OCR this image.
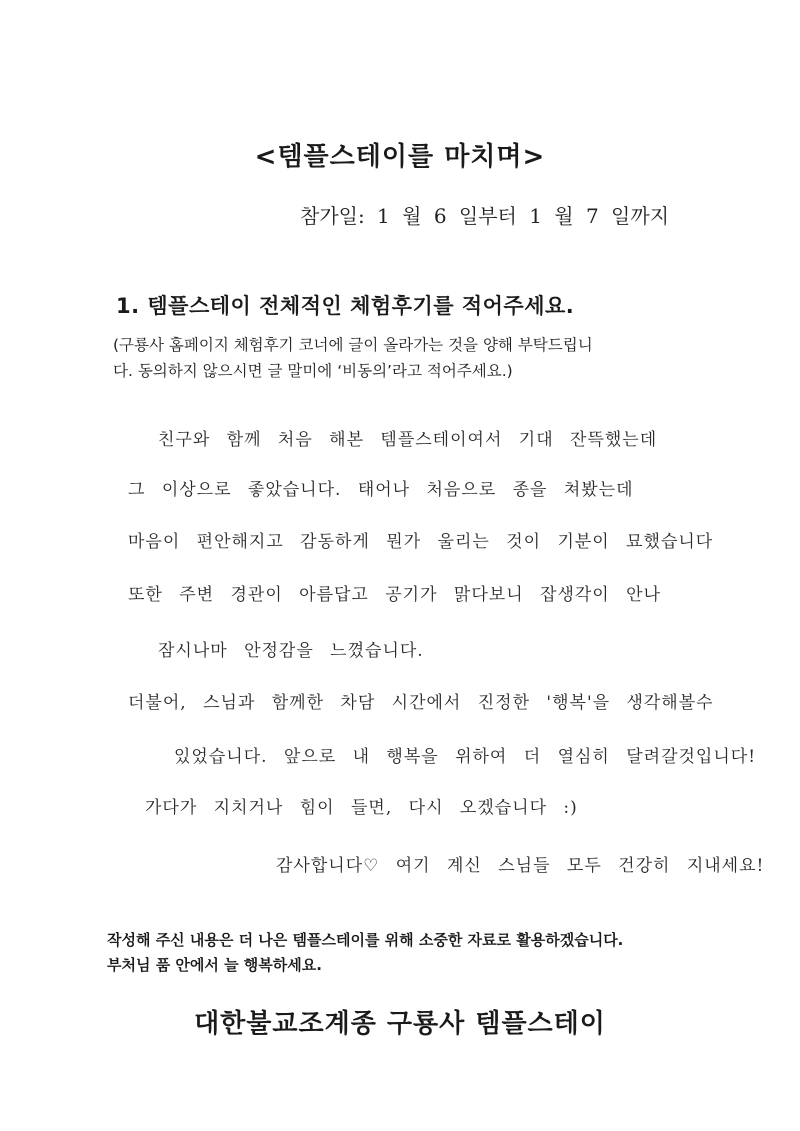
<템플스테이를 마치며>
참가일: 1 월 6 일부터 1 월 7 일까지
1. 템플스테이 전체적인 체험후기를 적어주세요.
(구룡사 홈페이지 체험후기 코너에 글이 올라가는 것을 양해 부탁드립니
다. 동의하지 않으시면 글 말미에 ‘비동의’라고 적어주세요.)
친구와 함께 처음 해본 템플스테이여서 기대 잔뜩했는데
그 이상으로 좋았습니다. 태어나 처음으로 종을 쳐봤는데
마음이 편안해지고 감동하게 뭔가 울리는 것이 기분이 묘했습니다
또한 주변 경관이 아름답고 공기가 맑다보니 잡생각이 안나
잠시나마 안정감을 느꼈습니다.
더불어, 스님과 함께한 차담 시간에서 진정한 '행복'을 생각해볼수
있었습니다. 앞으로 내 행복을 위하여 더 열심히 달려갈것입니다!
가다가 지치거나 힘이 들면, 다시 오겠습니다 :)
감사합니다♡ 여기 계신 스님들 모두 건강히 지내세요!
작성해 주신 내용은 더 나은 템플스테이를 위해 소중한 자료로 활용하겠습니다.
부처님 품 안에서 늘 행복하세요.
대한불교조계종 구룡사 템플스테이
